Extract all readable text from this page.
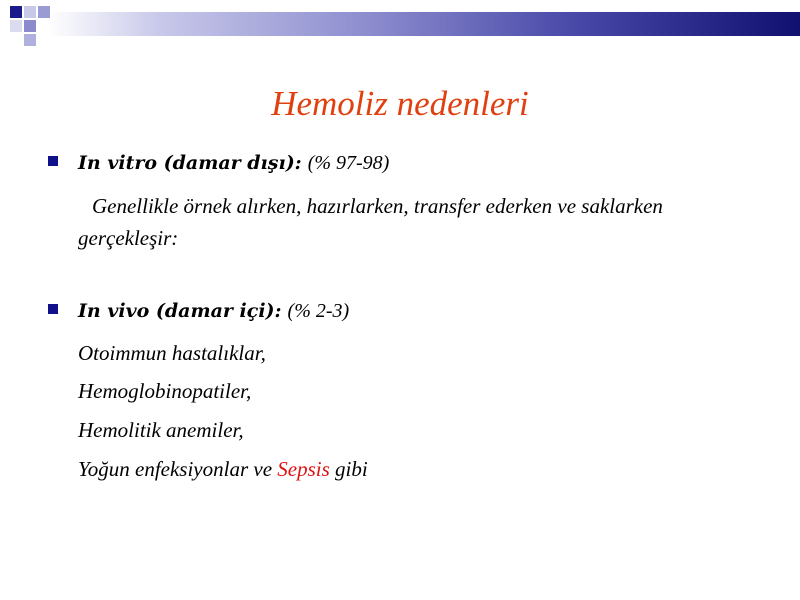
Hemoliz nedenleri
In vitro (damar dışı): (% 97-98)
Genellikle örnek alırken, hazırlarken, transfer ederken ve saklarken
gerçekleşir:
In vivo (damar içi): (% 2-3)
Otoimmun hastalıklar,
Hemoglobinopatiler,
Hemolitik anemiler,
Yoğun enfeksiyonlar ve Sepsis gibi
